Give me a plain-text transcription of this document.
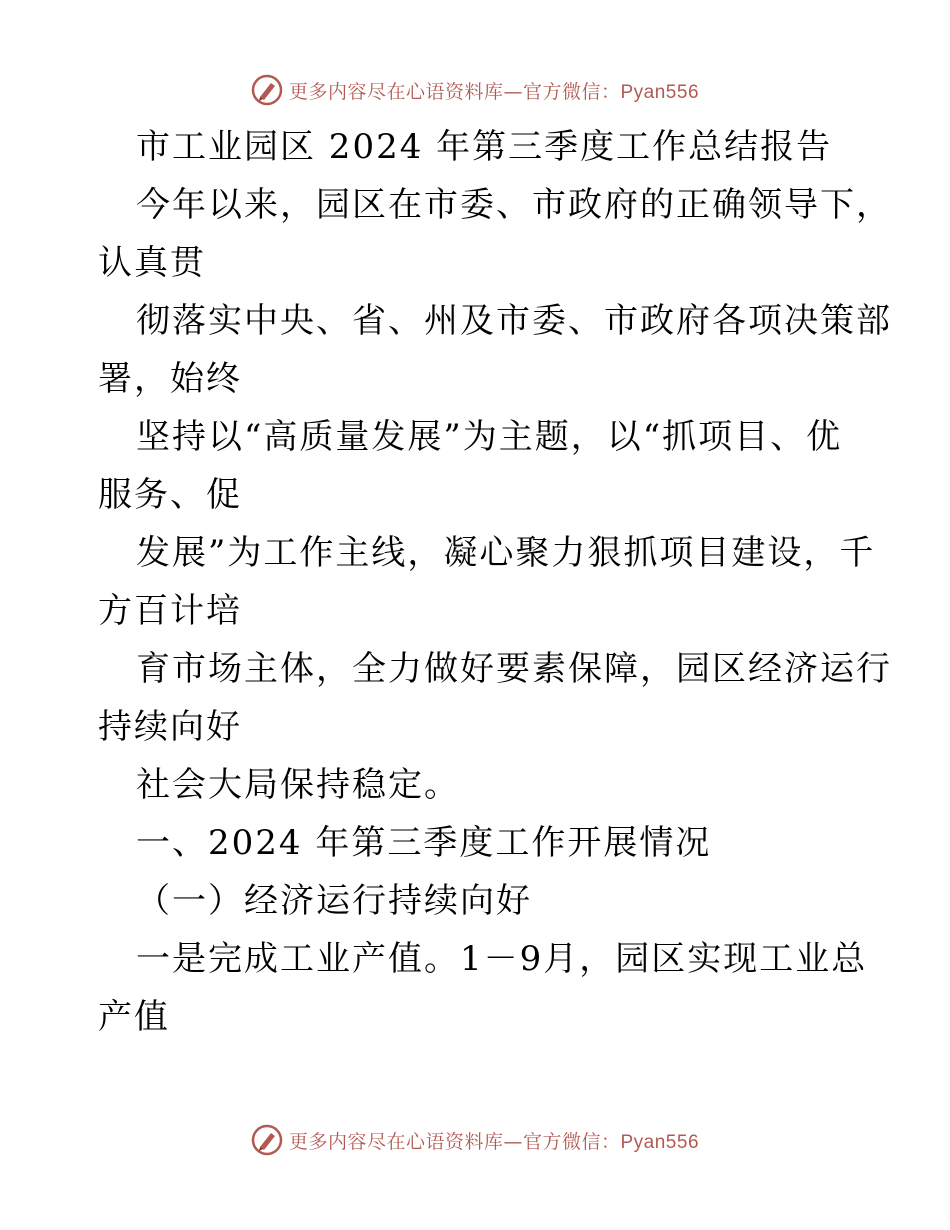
更多内容尽在心语资料库—官方微信：Pyan556
市工业园区 2024 年第三季度工作总结报告
今年以来，园区在市委、市政府的正确领导下，
认真贯
彻落实中央、省、州及市委、市政府各项决策部
署，始终
坚持以“高质量发展”为主题，以“抓项目、优
服务、促
发展”为工作主线，凝心聚力狠抓项目建设，千
方百计培
育市场主体，全力做好要素保障，园区经济运行
持续向好
社会大局保持稳定。
一、2024 年第三季度工作开展情况
（一）经济运行持续向好
一是完成工业产值。1－9月，园区实现工业总
产值
更多内容尽在心语资料库—官方微信：Pyan556
